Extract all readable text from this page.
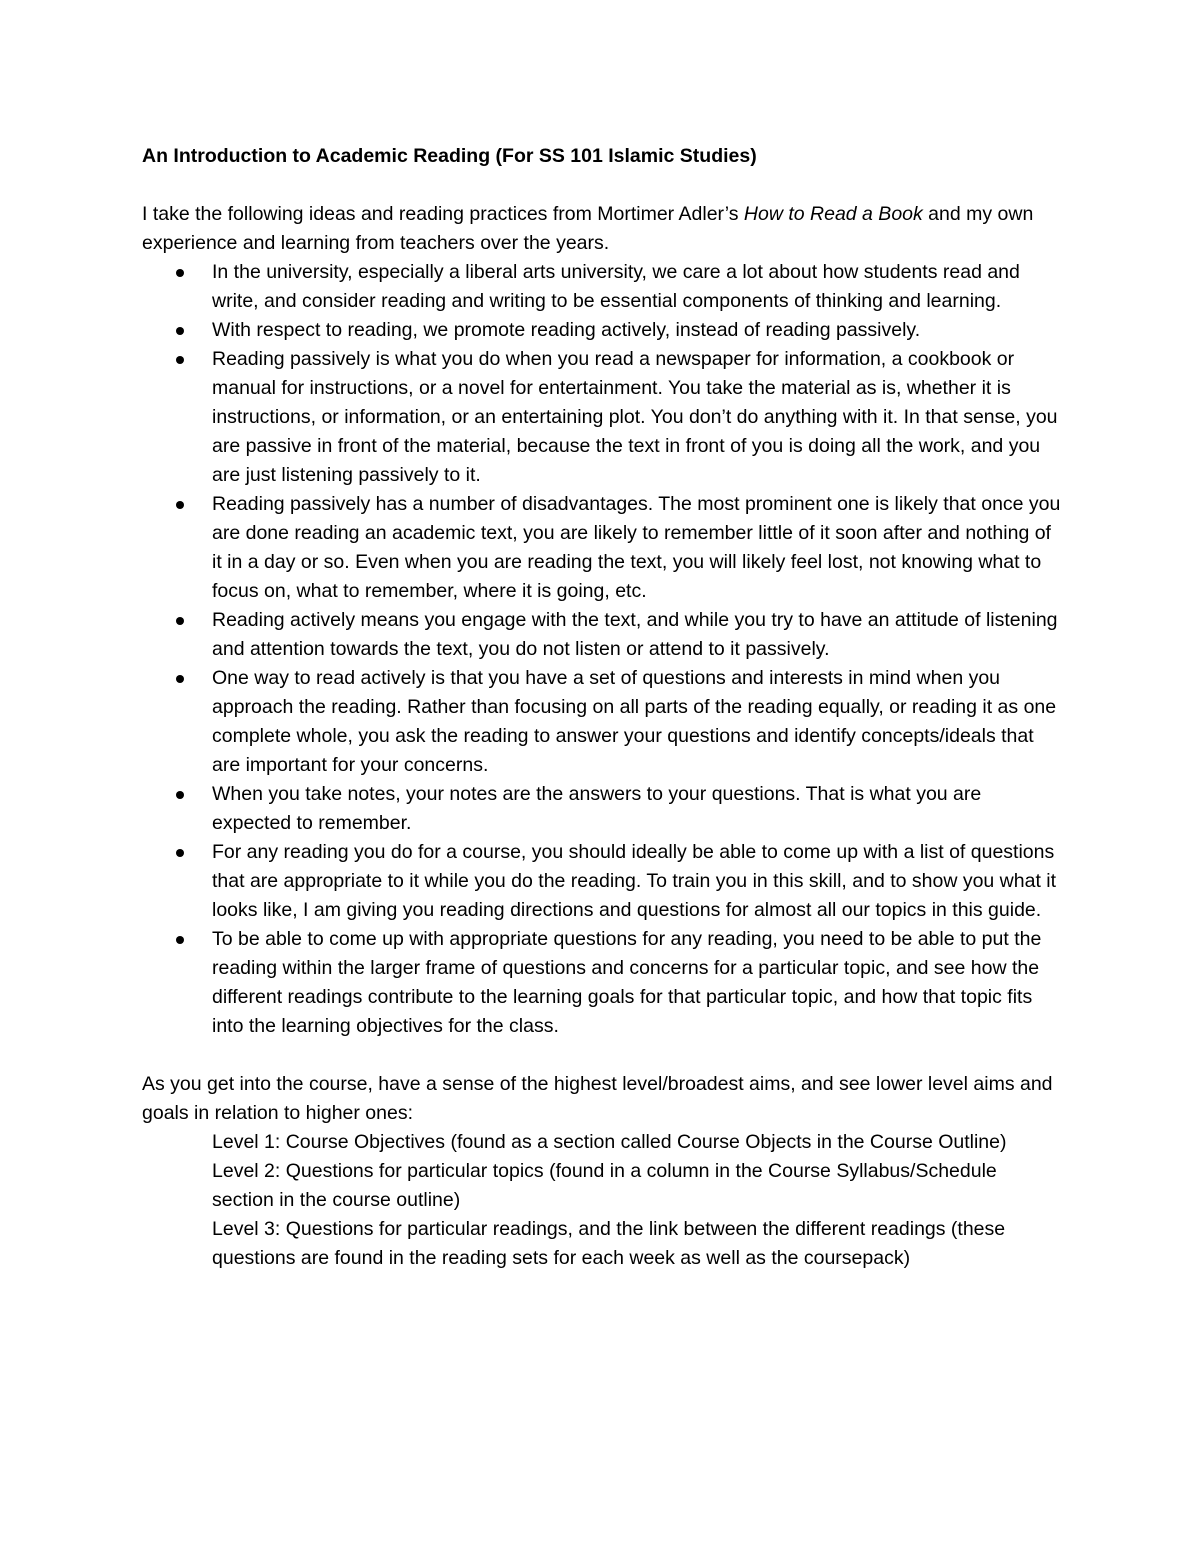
An Introduction to Academic Reading (For SS 101 Islamic Studies)

I take the following ideas and reading practices from Mortimer Adler’s How to Read a Book and my own experience and learning from teachers over the years.

In the university, especially a liberal arts university, we care a lot about how students read and write, and consider reading and writing to be essential components of thinking and learning.
With respect to reading, we promote reading actively, instead of reading passively.
Reading passively is what you do when you read a newspaper for information, a cookbook or manual for instructions, or a novel for entertainment. You take the material as is, whether it is instructions, or information, or an entertaining plot. You don’t do anything with it. In that sense, you are passive in front of the material, because the text in front of you is doing all the work, and you are just listening passively to it.
Reading passively has a number of disadvantages. The most prominent one is likely that once you are done reading an academic text, you are likely to remember little of it soon after and nothing of it in a day or so. Even when you are reading the text, you will likely feel lost, not knowing what to focus on, what to remember, where it is going, etc.
Reading actively means you engage with the text, and while you try to have an attitude of listening and attention towards the text, you do not listen or attend to it passively.
One way to read actively is that you have a set of questions and interests in mind when you approach the reading. Rather than focusing on all parts of the reading equally, or reading it as one complete whole, you ask the reading to answer your questions and identify concepts/ideals that are important for your concerns.
When you take notes, your notes are the answers to your questions. That is what you are expected to remember.
For any reading you do for a course, you should ideally be able to come up with a list of questions that are appropriate to it while you do the reading. To train you in this skill, and to show you what it looks like, I am giving you reading directions and questions for almost all our topics in this guide.
To be able to come up with appropriate questions for any reading, you need to be able to put the reading within the larger frame of questions and concerns for a particular topic, and see how the different readings contribute to the learning goals for that particular topic, and how that topic fits into the learning objectives for the class.

As you get into the course, have a sense of the highest level/broadest aims, and see lower level aims and goals in relation to higher ones:

Level 1: Course Objectives (found as a section called Course Objects in the Course Outline)
Level 2: Questions for particular topics (found in a column in the Course Syllabus/Schedule section in the course outline)
Level 3: Questions for particular readings, and the link between the different readings (these questions are found in the reading sets for each week as well as the coursepack)
